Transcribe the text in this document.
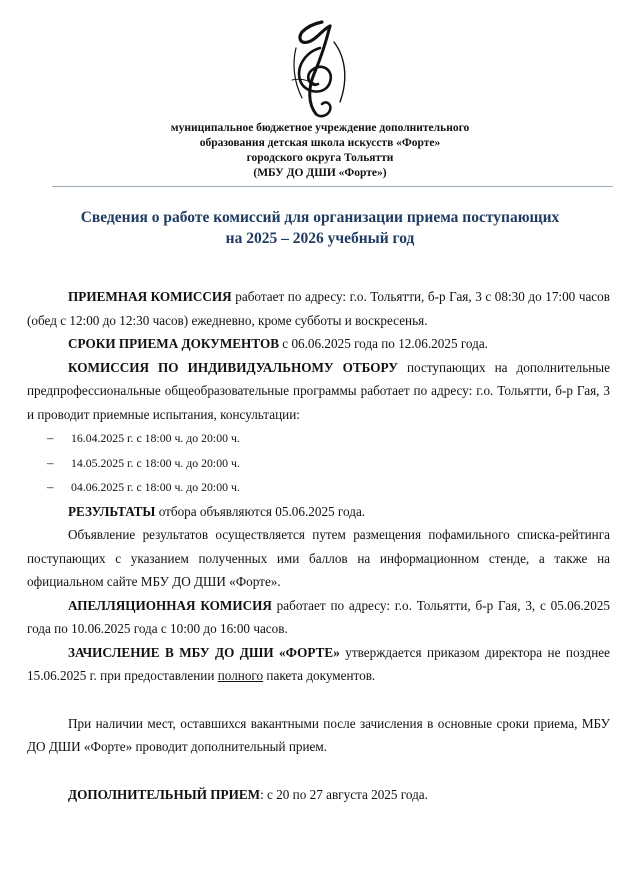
муниципальное бюджетное учреждение дополнительного
образования детская школа искусств «Форте»
городского округа Тольятти
(МБУ ДО ДШИ «Форте»)
Сведения о работе комиссий для организации приема поступающих
на 2025 – 2026 учебный год

ПРИЕМНАЯ КОМИССИЯ работает по адресу: г.о. Тольятти, б-р Гая, 3 с 08:30 до 17:00 часов (обед с 12:00 до 12:30 часов) ежедневно, кроме субботы и воскресенья.

СРОКИ ПРИЕМА ДОКУМЕНТОВ с 06.06.2025 года по 12.06.2025 года.

КОМИССИЯ ПО ИНДИВИДУАЛЬНОМУ ОТБОРУ поступающих на дополнительные предпрофессиональные общеобразовательные программы работает по адресу: г.о. Тольятти, б-р Гая, 3 и проводит приемные испытания, консультации:

–	16.04.2025 г. с 18:00 ч. до 20:00 ч.
–	14.05.2025 г. с 18:00 ч. до 20:00 ч.
–	04.06.2025 г. с 18:00 ч. до 20:00 ч.

РЕЗУЛЬТАТЫ отбора объявляются 05.06.2025 года.

Объявление результатов осуществляется путем размещения пофамильного списка-рейтинга поступающих с указанием полученных ими баллов на информационном стенде, а также на официальном сайте МБУ ДО ДШИ «Форте».

АПЕЛЛЯЦИОННАЯ КОМИСИЯ работает по адресу: г.о. Тольятти, б-р Гая, 3, с 05.06.2025 года по 10.06.2025 года с 10:00 до 16:00 часов.

ЗАЧИСЛЕНИЕ В МБУ ДО ДШИ «ФОРТЕ» утверждается приказом директора не позднее 15.06.2025 г. при предоставлении полного пакета документов.

При наличии мест, оставшихся вакантными после зачисления в основные сроки приема, МБУ ДО ДШИ «Форте» проводит дополнительный прием.

ДОПОЛНИТЕЛЬНЫЙ ПРИЕМ: с 20 по 27 августа 2025 года.
